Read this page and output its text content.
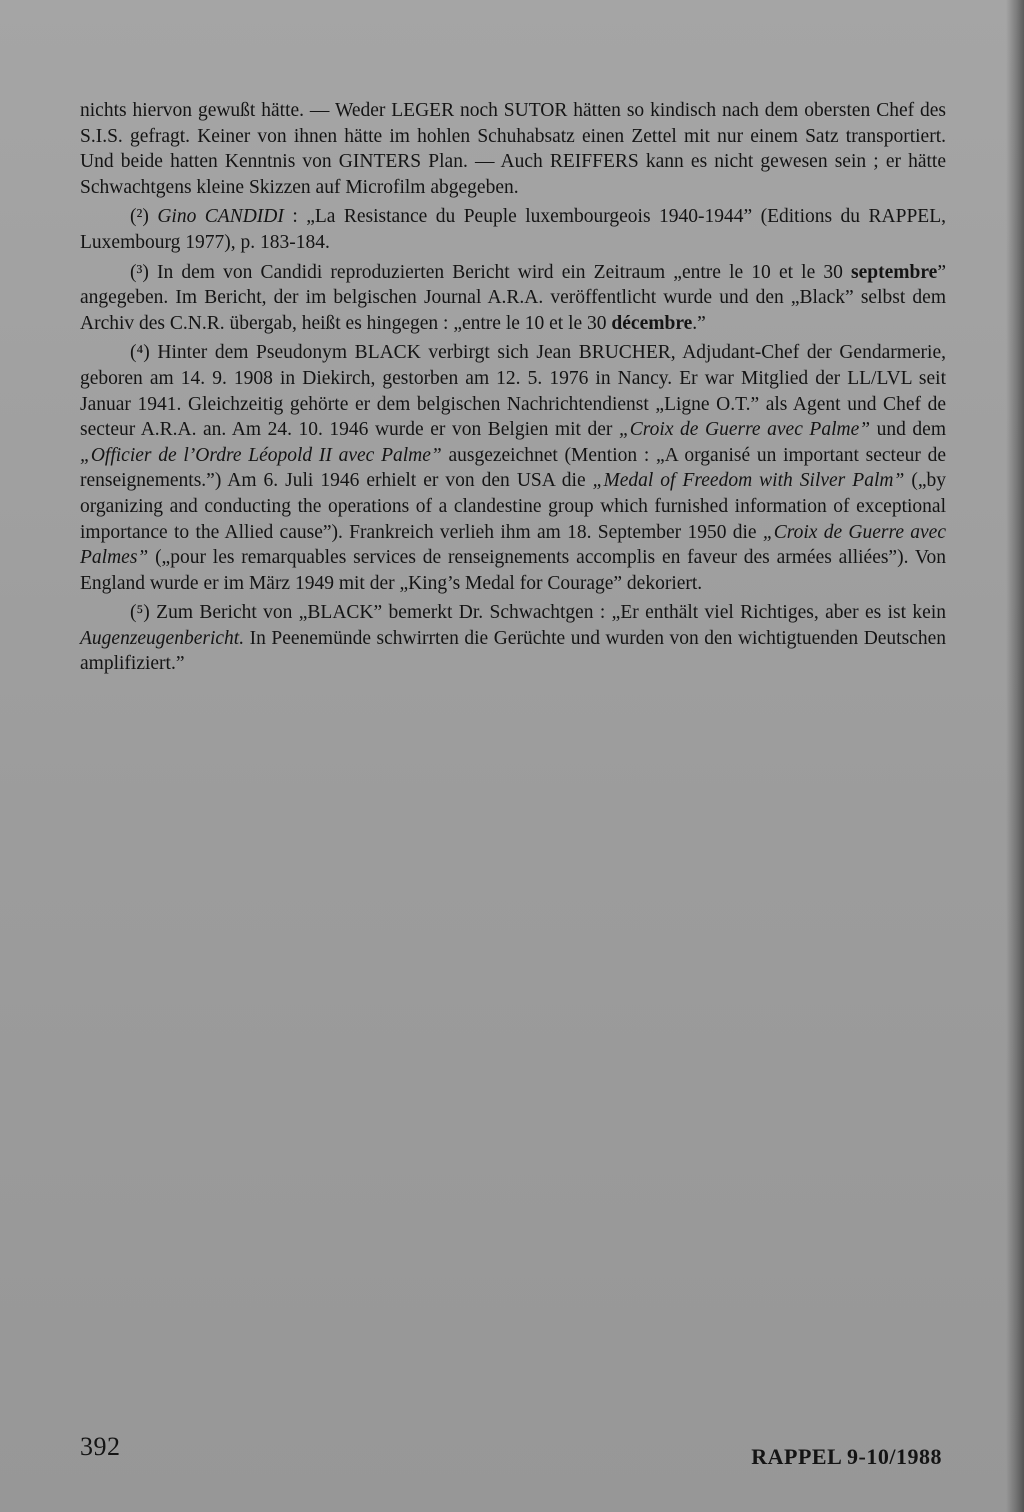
nichts hiervon gewußt hätte. — Weder LEGER noch SUTOR hätten so kindisch nach dem obersten Chef des S.I.S. gefragt. Keiner von ihnen hätte im hohlen Schuhabsatz einen Zettel mit nur einem Satz transportiert. Und beide hatten Kenntnis von GINTERS Plan. — Auch REIFFERS kann es nicht gewesen sein ; er hätte Schwachtgens kleine Skizzen auf Microfilm abgegeben.

(²) Gino CANDIDI : „La Resistance du Peuple luxembourgeois 1940-1944” (Editions du RAPPEL, Luxembourg 1977), p. 183-184.

(³) In dem von Candidi reproduzierten Bericht wird ein Zeitraum „entre le 10 et le 30 septembre” angegeben. Im Bericht, der im belgischen Journal A.R.A. veröffentlicht wurde und den „Black” selbst dem Archiv des C.N.R. übergab, heißt es hingegen : „entre le 10 et le 30 décembre.”

(⁴) Hinter dem Pseudonym BLACK verbirgt sich Jean BRUCHER, Adjudant-Chef der Gendarmerie, geboren am 14. 9. 1908 in Diekirch, gestorben am 12. 5. 1976 in Nancy. Er war Mitglied der LL/LVL seit Januar 1941. Gleichzeitig gehörte er dem belgischen Nachrichtendienst „Ligne O.T.” als Agent und Chef de secteur A.R.A. an. Am 24. 10. 1946 wurde er von Belgien mit der „Croix de Guerre avec Palme” und dem „Officier de l’Ordre Léopold II avec Palme” ausgezeichnet (Mention : „A organisé un important secteur de renseignements.”) Am 6. Juli 1946 erhielt er von den USA die „Medal of Freedom with Silver Palm” („by organizing and conducting the operations of a clandestine group which furnished information of exceptional importance to the Allied cause”). Frankreich verlieh ihm am 18. September 1950 die „Croix de Guerre avec Palmes” („pour les remarquables services de renseignements accomplis en faveur des armées alliées”). Von England wurde er im März 1949 mit der „King’s Medal for Courage” dekoriert.

(⁵) Zum Bericht von „BLACK” bemerkt Dr. Schwachtgen : „Er enthält viel Richtiges, aber es ist kein Augenzeugenbericht. In Peenemünde schwirrten die Gerüchte und wurden von den wichtigtuenden Deutschen amplifiziert.”

392	RAPPEL 9-10/1988
